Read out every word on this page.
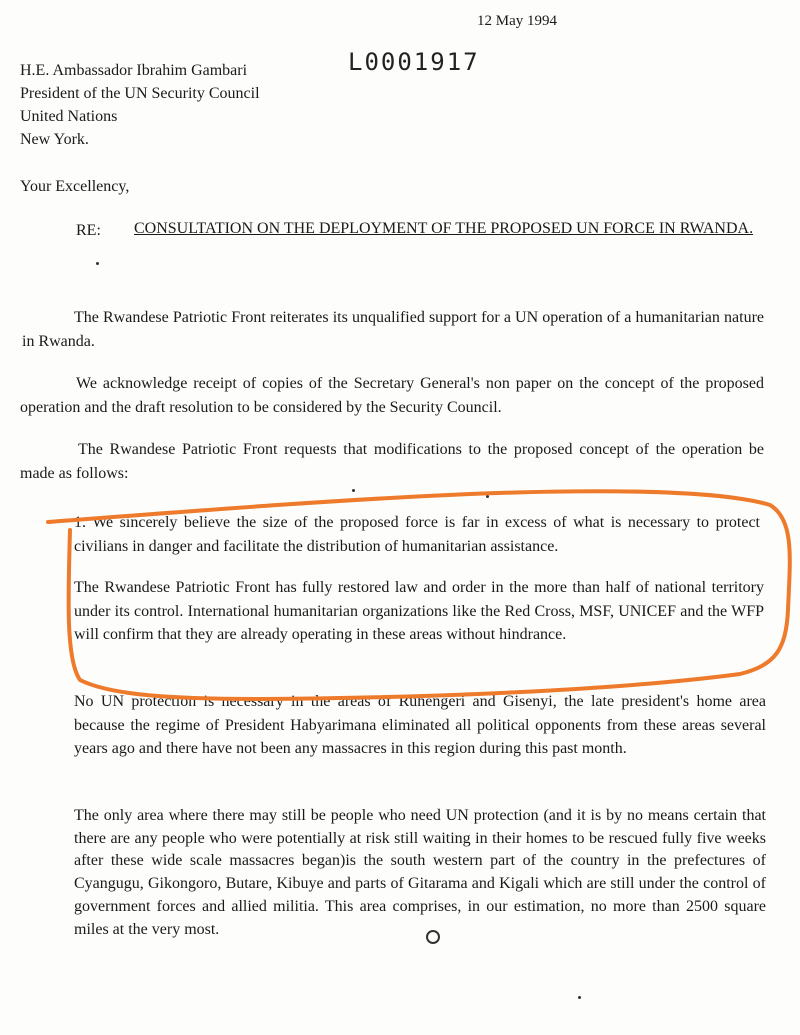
12 May 1994
L0001917
H.E. Ambassador Ibrahim Gambari
President of the UN Security Council
United Nations
New York.
Your Excellency,
RE: CONSULTATION ON THE DEPLOYMENT OF THE PROPOSED UN FORCE IN RWANDA.
The Rwandese Patriotic Front reiterates its unqualified support for a UN operation of a humanitarian nature in Rwanda.
We acknowledge receipt of copies of the Secretary General's non paper on the concept of the proposed operation and the draft resolution to be considered by the Security Council.
The Rwandese Patriotic Front requests that modifications to the proposed concept of the operation be made as follows:
1. We sincerely believe the size of the proposed force is far in excess of what is necessary to protect civilians in danger and facilitate the distribution of humanitarian assistance.
The Rwandese Patriotic Front has fully restored law and order in the more than half of national territory under its control. International humanitarian organizations like the Red Cross, MSF, UNICEF and the WFP will confirm that they are already operating in these areas without hindrance.
No UN protection is necessary in the areas of Ruhengeri and Gisenyi, the late president's home area because the regime of President Habyarimana eliminated all political opponents from these areas several years ago and there have not been any massacres in this region during this past month.
The only area where there may still be people who need UN protection (and it is by no means certain that there are any people who were potentially at risk still waiting in their homes to be rescued fully five weeks after these wide scale massacres began)is the south western part of the country in the prefectures of Cyangugu, Gikongoro, Butare, Kibuye and parts of Gitarama and Kigali which are still under the control of government forces and allied militia. This area comprises, in our estimation, no more than 2500 square miles at the very most.
